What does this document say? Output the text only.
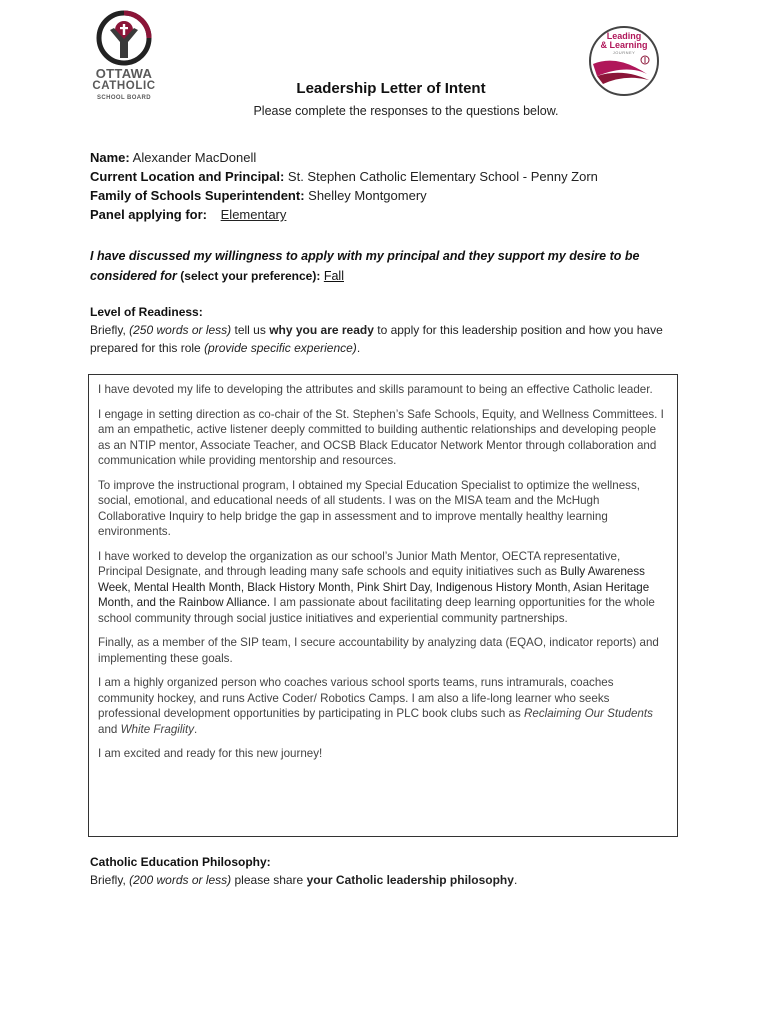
OTTAWA
CATHOLIC
SCHOOL BOARD
Leading
& Learning
JOURNEY
Leadership Letter of Intent
Please complete the responses to the questions below.
Name: Alexander MacDonell
Current Location and Principal: St. Stephen Catholic Elementary School - Penny Zorn
Family of Schools Superintendent: Shelley Montgomery
Panel applying for: Elementary
I have discussed my willingness to apply with my principal and they support my desire to be considered for (select your preference): Fall
Level of Readiness:
Briefly, (250 words or less) tell us why you are ready to apply for this leadership position and how you have prepared for this role (provide specific experience).

I have devoted my life to developing the attributes and skills paramount to being an effective Catholic leader.

I engage in setting direction as co-chair of the St. Stephen’s Safe Schools, Equity, and Wellness Committees. I am an empathetic, active listener deeply committed to building authentic relationships and developing people as an NTIP mentor, Associate Teacher, and OCSB Black Educator Network Mentor through collaboration and communication while providing mentorship and resources.

To improve the instructional program, I obtained my Special Education Specialist to optimize the wellness, social, emotional, and educational needs of all students. I was on the MISA team and the McHugh Collaborative Inquiry to help bridge the gap in assessment and to improve mentally healthy learning environments.

I have worked to develop the organization as our school’s Junior Math Mentor, OECTA representative, Principal Designate, and through leading many safe schools and equity initiatives such as Bully Awareness Week, Mental Health Month, Black History Month, Pink Shirt Day, Indigenous History Month, Asian Heritage Month, and the Rainbow Alliance. I am passionate about facilitating deep learning opportunities for the whole school community through social justice initiatives and experiential community partnerships.

Finally, as a member of the SIP team, I secure accountability by analyzing data (EQAO, indicator reports) and implementing these goals.

I am a highly organized person who coaches various school sports teams, runs intramurals, coaches community hockey, and runs Active Coder/ Robotics Camps. I am also a life-long learner who seeks professional development opportunities by participating in PLC book clubs such as Reclaiming Our Students and White Fragility.

I am excited and ready for this new journey!

Catholic Education Philosophy:
Briefly, (200 words or less) please share your Catholic leadership philosophy.
